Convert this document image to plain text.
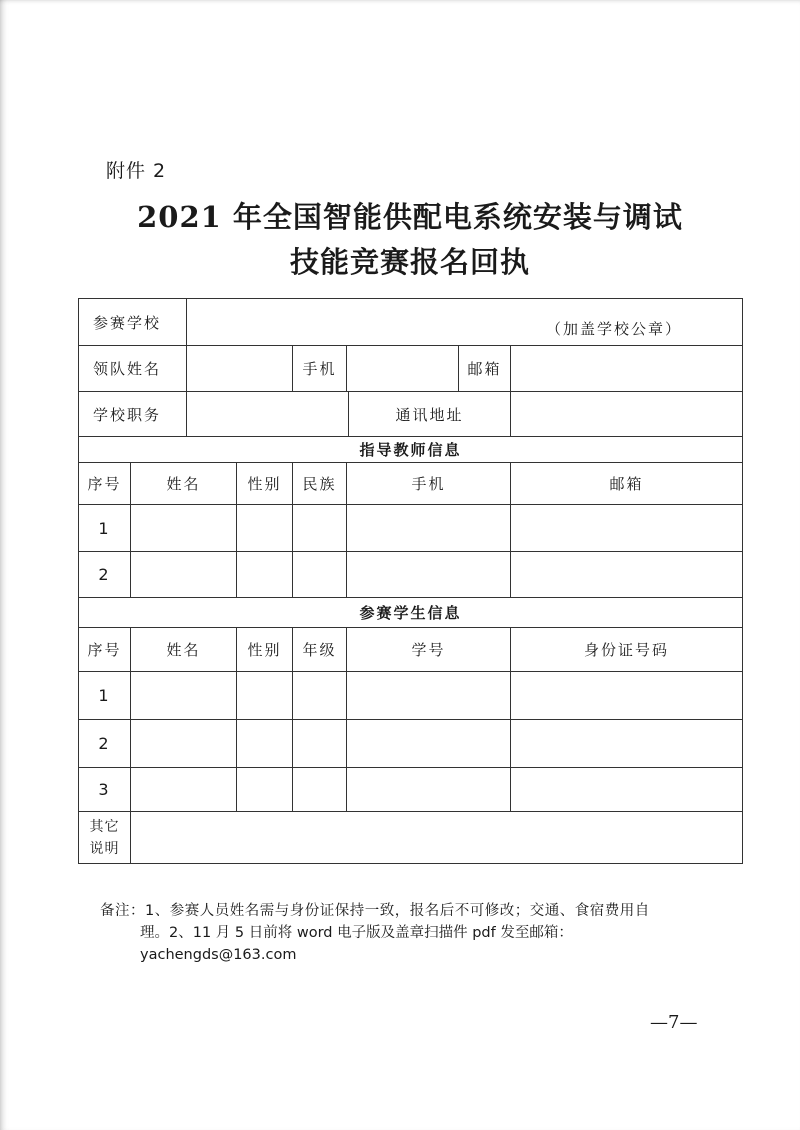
附件 2
2021 年全国智能供配电系统安装与调试
技能竞赛报名回执
参赛学校		（加盖学校公章）						
领队姓名				手机			邮箱	
学校职务						通讯地址		
指导教师信息								
序号	姓名		性别	民族	手机			邮箱
1								
2								
参赛学生信息								
序号	姓名		性别	年级	学号			身份证号码
1								
2								
3								
其它
说明								
备注：1、参赛人员姓名需与身份证保持一致，报名后不可修改；交通、食宿费用自
理。2、11 月 5 日前将 word 电子版及盖章扫描件 pdf 发至邮箱：
yachengds@163.com
—7—
